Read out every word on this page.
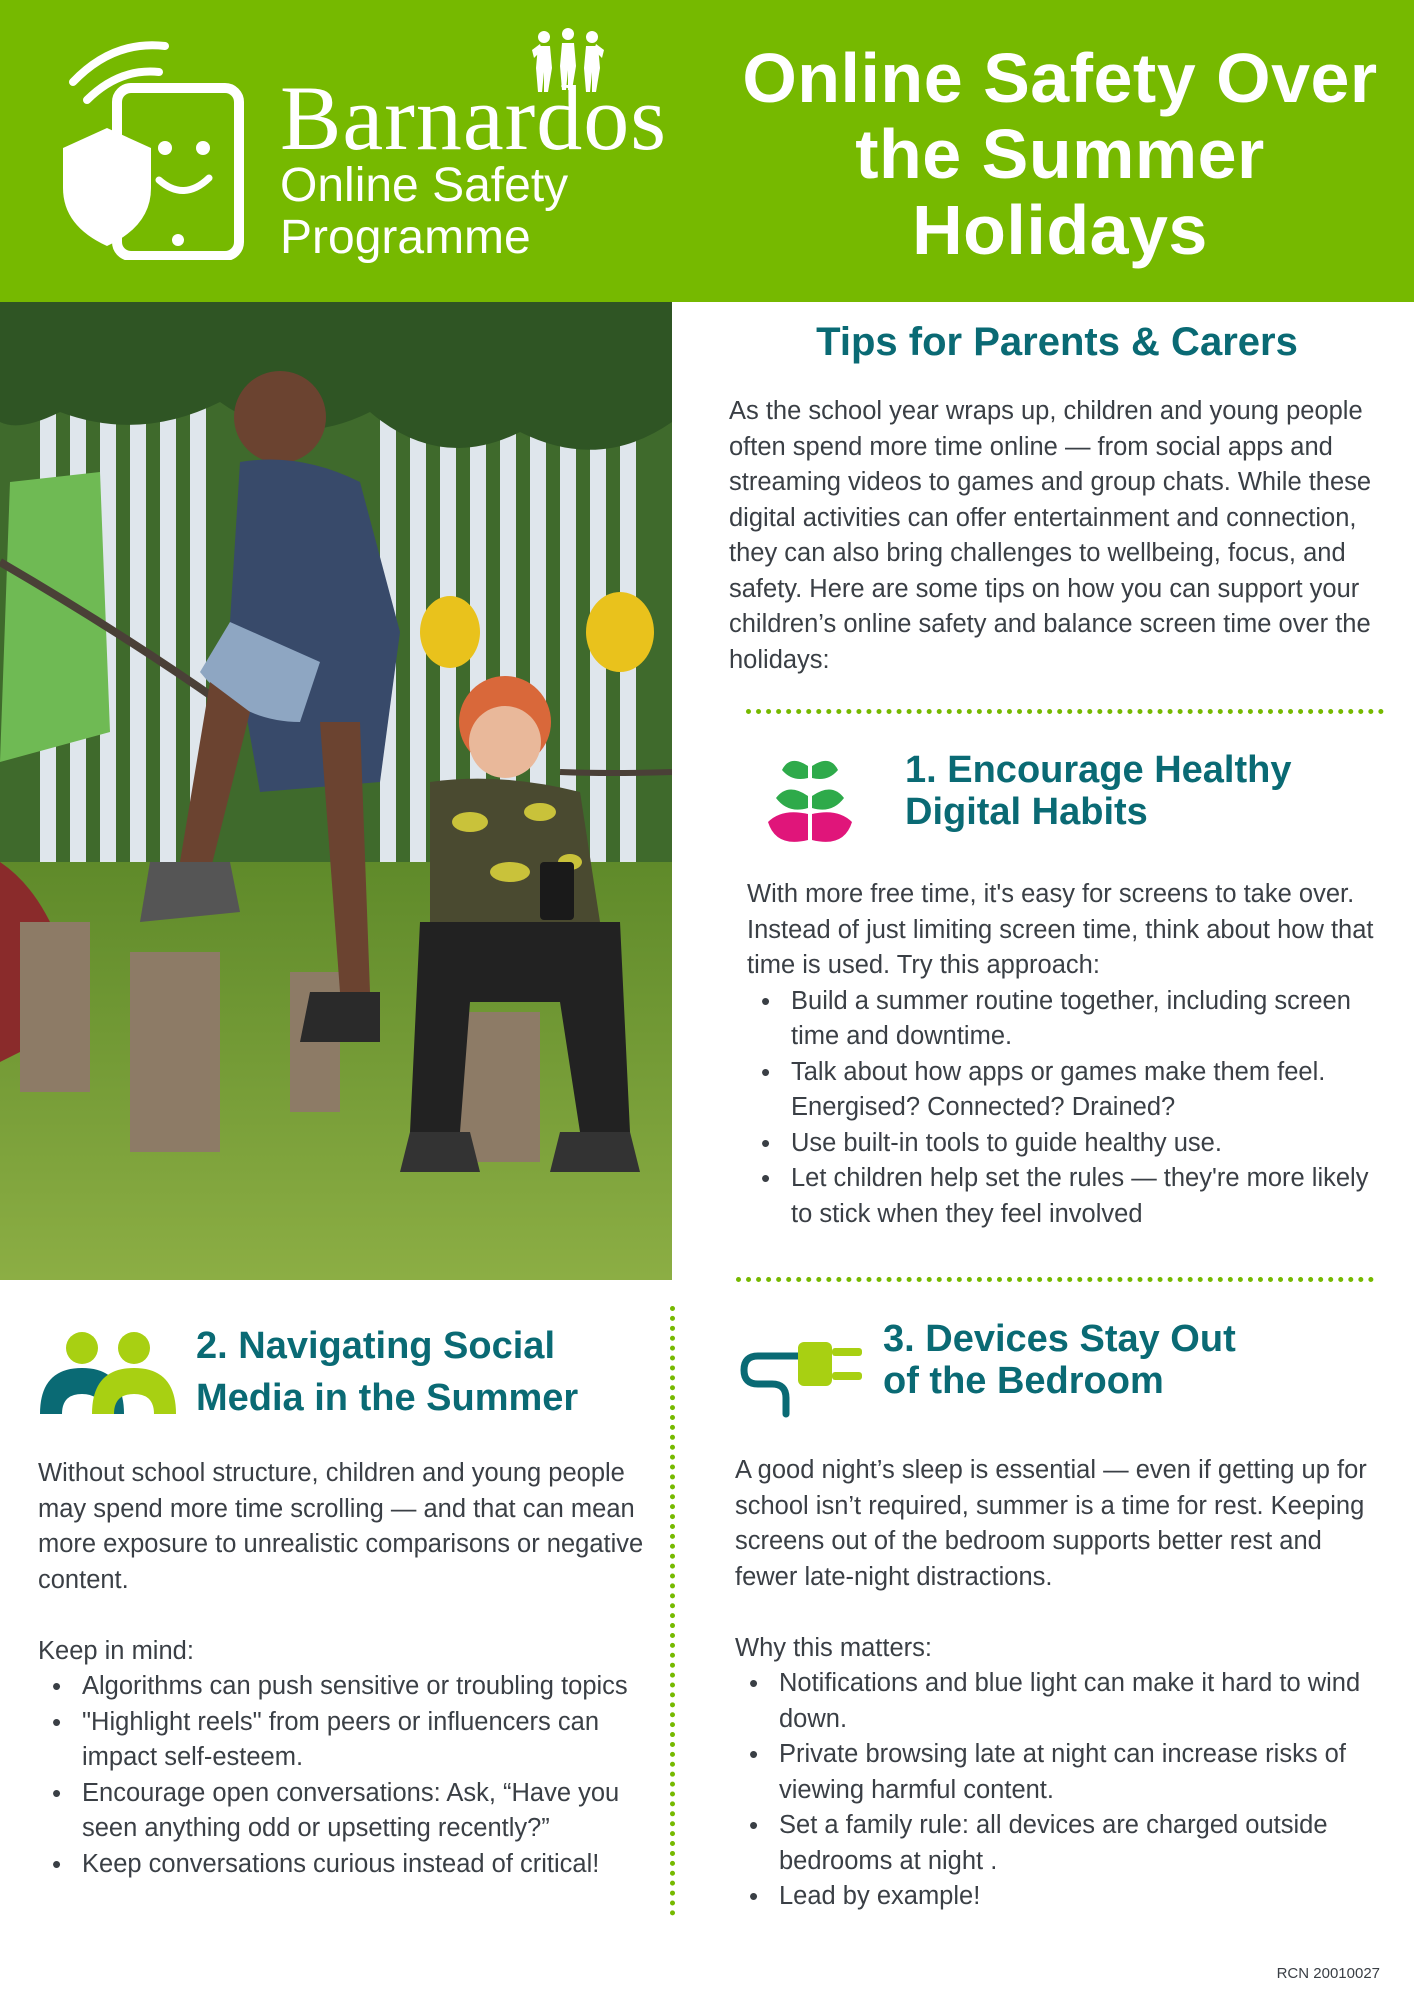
Barnardos
Online Safety
Programme
Online Safety Over
the Summer
Holidays
Tips for Parents & Carers
As the school year wraps up, children and young people often spend more time online — from social apps and streaming videos to games and group chats. While these digital activities can offer entertainment and connection, they can also bring challenges to wellbeing, focus, and safety. Here are some tips on how you can support your children’s online safety and balance screen time over the holidays:
1. Encourage Healthy
Digital Habits
With more free time, it's easy for screens to take over. Instead of just limiting screen time, think about how that time is used. Try this approach:
• Build a summer routine together, including screen time and downtime.
• Talk about how apps or games make them feel. Energised? Connected? Drained?
• Use built-in tools to guide healthy use.
• Let children help set the rules — they're more likely to stick when they feel involved
2. Navigating Social
Media in the Summer
Without school structure, children and young people may spend more time scrolling — and that can mean more exposure to unrealistic comparisons or negative content.
Keep in mind:
• Algorithms can push sensitive or troubling topics
• "Highlight reels" from peers or influencers can impact self-esteem.
• Encourage open conversations: Ask, “Have you seen anything odd or upsetting recently?”
• Keep conversations curious instead of critical!
3. Devices Stay Out
of the Bedroom
A good night’s sleep is essential — even if getting up for school isn’t required, summer is a time for rest. Keeping screens out of the bedroom supports better rest and fewer late-night distractions.
Why this matters:
• Notifications and blue light can make it hard to wind down.
• Private browsing late at night can increase risks of viewing harmful content.
• Set a family rule: all devices are charged outside bedrooms at night .
• Lead by example!
RCN 20010027
